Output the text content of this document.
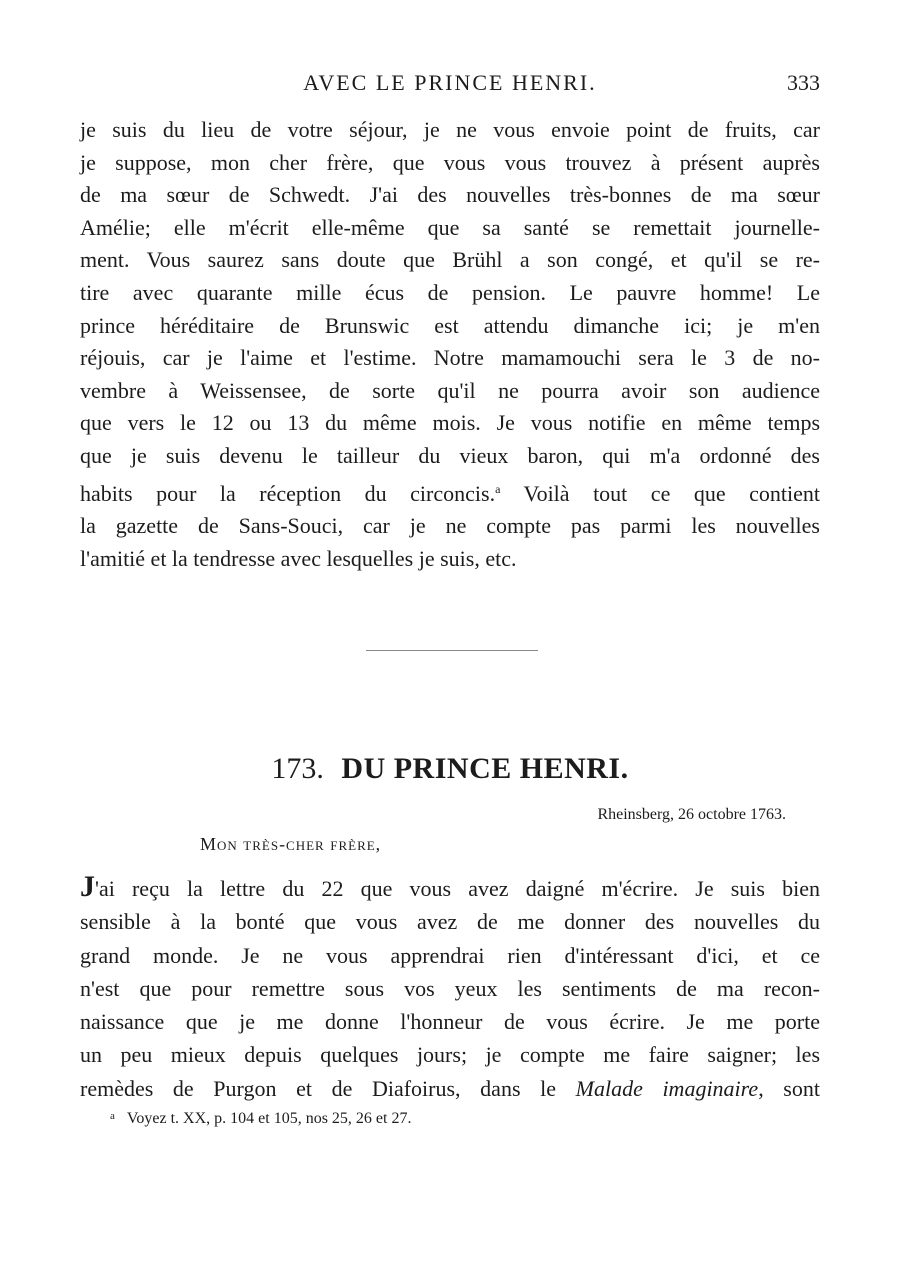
AVEC LE PRINCE HENRI.	333
je suis du lieu de votre séjour, je ne vous envoie point de fruits, car
je suppose, mon cher frère, que vous vous trouvez à présent auprès
de ma sœur de Schwedt. J'ai des nouvelles très-bonnes de ma sœur
Amélie; elle m'écrit elle-même que sa santé se remettait journelle-
ment. Vous saurez sans doute que Brühl a son congé, et qu'il se re-
tire avec quarante mille écus de pension. Le pauvre homme! Le
prince héréditaire de Brunswic est attendu dimanche ici; je m'en
réjouis, car je l'aime et l'estime. Notre mamamouchi sera le 3 de no-
vembre à Weissensee, de sorte qu'il ne pourra avoir son audience
que vers le 12 ou 13 du même mois. Je vous notifie en même temps
que je suis devenu le tailleur du vieux baron, qui m'a ordonné des
habits pour la réception du circoncis.$^a$ Voilà tout ce que contient
la gazette de Sans-Souci, car je ne compte pas parmi les nouvelles
l'amitié et la tendresse avec lesquelles je suis, etc.
173. DU PRINCE HENRI.
Rheinsberg, 26 octobre 1763.
Mon très-cher frère,
J'ai reçu la lettre du 22 que vous avez daigné m'écrire. Je suis bien
sensible à la bonté que vous avez de me donner des nouvelles du
grand monde. Je ne vous apprendrai rien d'intéressant d'ici, et ce
n'est que pour remettre sous vos yeux les sentiments de ma recon-
naissance que je me donne l'honneur de vous écrire. Je me porte
un peu mieux depuis quelques jours; je compte me faire saigner; les
remèdes de Purgon et de Diafoirus, dans le Malade imaginaire, sont
$^a$ Voyez t. XX, p. 104 et 105, nos 25, 26 et 27.
